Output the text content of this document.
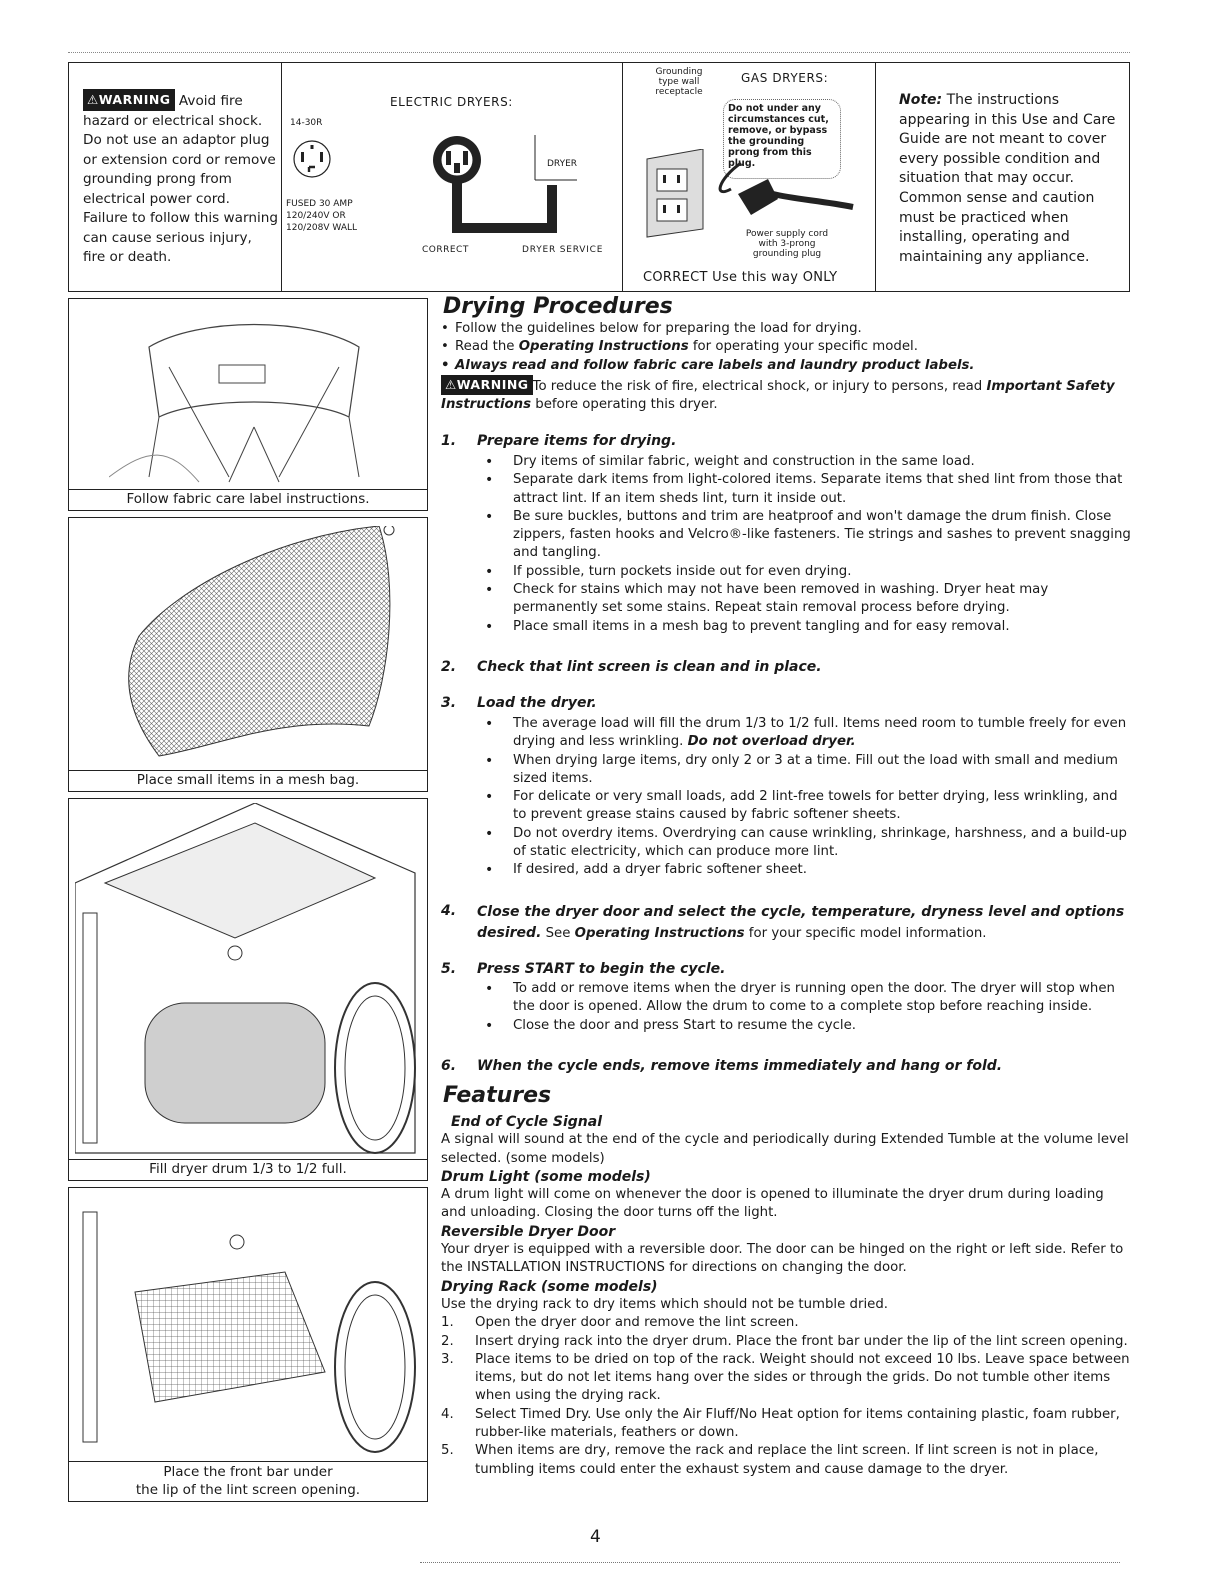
⚠WARNING Avoid fire hazard or electrical shock. Do not use an adaptor plug or extension cord or remove grounding prong from electrical power cord. Failure to follow this warning can cause serious injury, fire or death.
ELECTRIC DRYERS:
14-30R
FUSED 30 AMP
120/240V OR
120/208V WALL
DRYER
CORRECT	DRYER SERVICE
Grounding type wall receptacle
GAS DRYERS:
Do not under any circumstances cut, remove, or bypass the grounding prong from this plug.
Power supply cord with 3-prong grounding plug
CORRECT Use this way ONLY
Note: The instructions appearing in this Use and Care Guide are not meant to cover every possible condition and situation that may occur. Common sense and caution must be practiced when installing, operating and maintaining any appliance.
Follow fabric care label instructions.
Place small items in a mesh bag.
Fill dryer drum 1/3 to 1/2 full.
Place the front bar under
the lip of the lint screen opening.
Drying Procedures
• Follow the guidelines below for preparing the load for drying.
• Read the Operating Instructions for operating your specific model.
• Always read and follow fabric care labels and laundry product labels.
⚠WARNING To reduce the risk of fire, electrical shock, or injury to persons, read Important Safety Instructions before operating this dryer.
1. Prepare items for drying.
• Dry items of similar fabric, weight and construction in the same load.
• Separate dark items from light-colored items. Separate items that shed lint from those that attract lint. If an item sheds lint, turn it inside out.
• Be sure buckles, buttons and trim are heatproof and won't damage the drum finish. Close zippers, fasten hooks and Velcro®-like fasteners. Tie strings and sashes to prevent snagging and tangling.
• If possible, turn pockets inside out for even drying.
• Check for stains which may not have been removed in washing. Dryer heat may permanently set some stains. Repeat stain removal process before drying.
• Place small items in a mesh bag to prevent tangling and for easy removal.
2. Check that lint screen is clean and in place.
3. Load the dryer.
• The average load will fill the drum 1/3 to 1/2 full. Items need room to tumble freely for even drying and less wrinkling. Do not overload dryer.
• When drying large items, dry only 2 or 3 at a time. Fill out the load with small and medium sized items.
• For delicate or very small loads, add 2 lint-free towels for better drying, less wrinkling, and to prevent grease stains caused by fabric softener sheets.
• Do not overdry items. Overdrying can cause wrinkling, shrinkage, harshness, and a build-up of static electricity, which can produce more lint.
• If desired, add a dryer fabric softener sheet.
4. Close the dryer door and select the cycle, temperature, dryness level and options desired. See Operating Instructions for your specific model information.
5. Press START to begin the cycle.
• To add or remove items when the dryer is running open the door. The dryer will stop when the door is opened. Allow the drum to come to a complete stop before reaching inside.
• Close the door and press Start to resume the cycle.
6. When the cycle ends, remove items immediately and hang or fold.
Features
End of Cycle Signal
A signal will sound at the end of the cycle and periodically during Extended Tumble at the volume level selected. (some models)
Drum Light (some models)
A drum light will come on whenever the door is opened to illuminate the dryer drum during loading and unloading. Closing the door turns off the light.
Reversible Dryer Door
Your dryer is equipped with a reversible door. The door can be hinged on the right or left side. Refer to the INSTALLATION INSTRUCTIONS for directions on changing the door.
Drying Rack (some models)
Use the drying rack to dry items which should not be tumble dried.
1. Open the dryer door and remove the lint screen.
2. Insert drying rack into the dryer drum. Place the front bar under the lip of the lint screen opening.
3. Place items to be dried on top of the rack. Weight should not exceed 10 lbs. Leave space between items, but do not let items hang over the sides or through the grids. Do not tumble other items when using the drying rack.
4. Select Timed Dry. Use only the Air Fluff/No Heat option for items containing plastic, foam rubber, rubber-like materials, feathers or down.
5. When items are dry, remove the rack and replace the lint screen. If lint screen is not in place, tumbling items could enter the exhaust system and cause damage to the dryer.
4
